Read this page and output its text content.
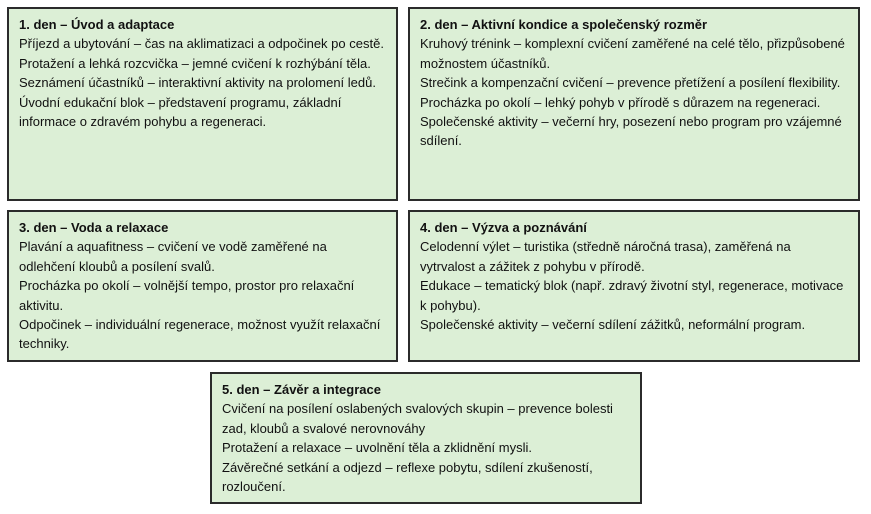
1. den – Úvod a adaptace

Příjezd a ubytování – čas na aklimatizaci a odpočinek po cestě.

Protažení a lehká rozcvička – jemné cvičení k rozhýbání těla.

Seznámení účastníků – interaktivní aktivity na prolomení ledů.

Úvodní edukační blok – představení programu, základní informace o zdravém pohybu a regeneraci.

2. den – Aktivní kondice a společenský rozměr

Kruhový trénink – komplexní cvičení zaměřené na celé tělo, přizpůsobené možnostem účastníků.

Strečink a kompenzační cvičení – prevence přetížení a posílení flexibility.

Procházka po okolí – lehký pohyb v přírodě s důrazem na regeneraci.

Společenské aktivity – večerní hry, posezení nebo program pro vzájemné sdílení.

3. den – Voda a relaxace

Plavání a aquafitness – cvičení ve vodě zaměřené na odlehčení kloubů a posílení svalů.

Procházka po okolí – volnější tempo, prostor pro relaxační aktivitu.

Odpočinek – individuální regenerace, možnost využít relaxační techniky.

4. den – Výzva a poznávání

Celodenní výlet – turistika (středně náročná trasa), zaměřená na vytrvalost a zážitek z pohybu v přírodě.

Edukace – tematický blok (např. zdravý životní styl, regenerace, motivace k pohybu).

Společenské aktivity – večerní sdílení zážitků, neformální program.

5. den – Závěr a integrace

Cvičení na posílení oslabených svalových skupin – prevence bolesti zad, kloubů a svalové nerovnováhy

Protažení a relaxace – uvolnění těla a zklidnění mysli.

Závěrečné setkání a odjezd – reflexe pobytu, sdílení zkušeností, rozloučení.
